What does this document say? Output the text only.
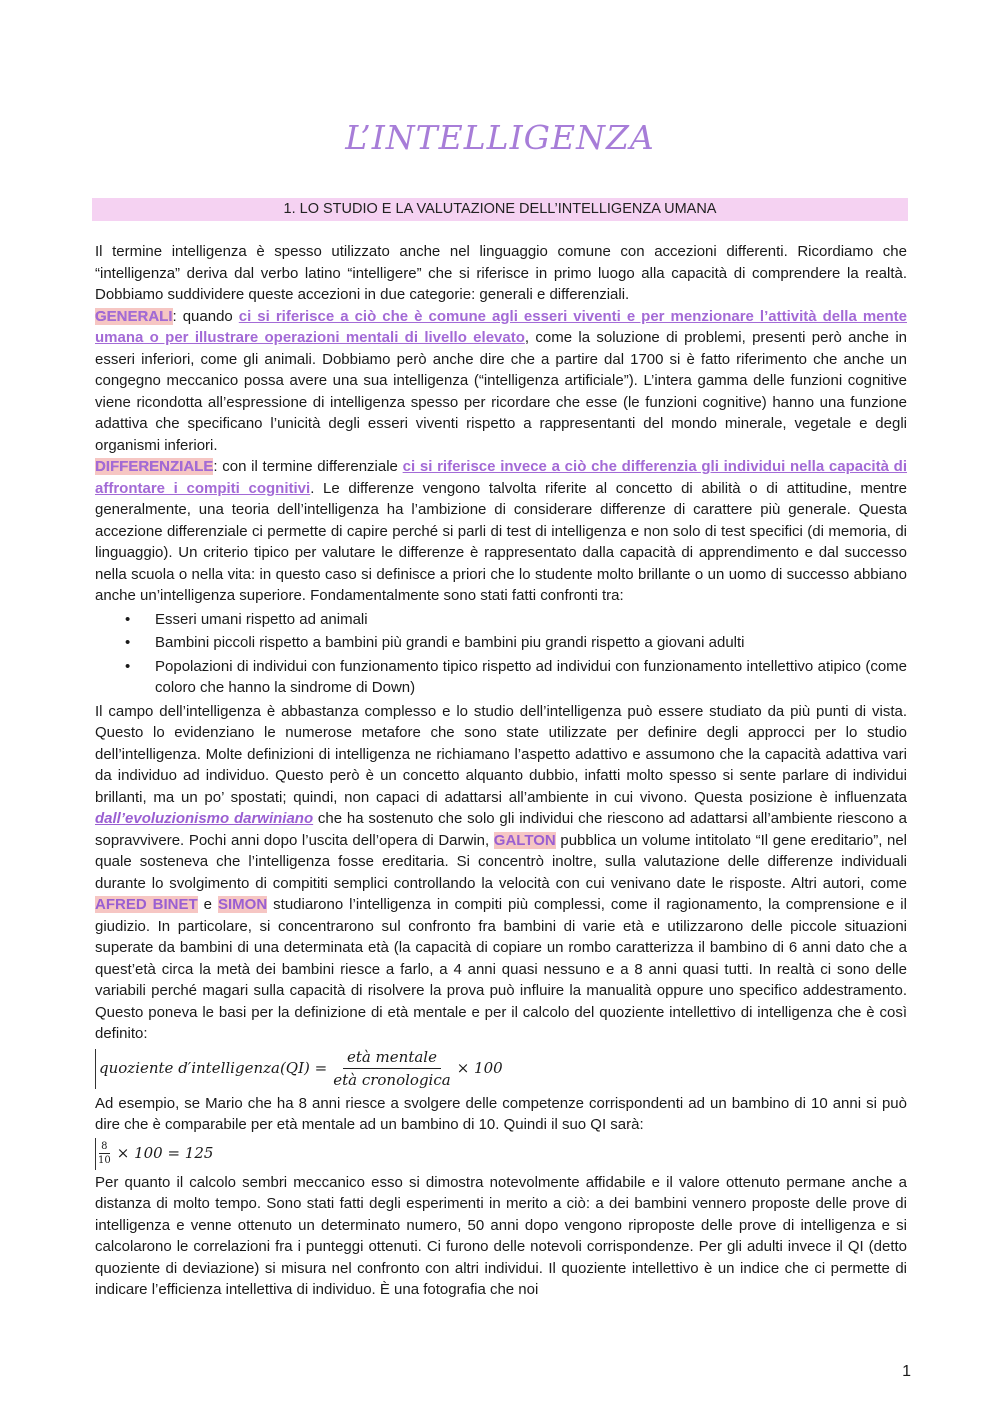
L’INTELLIGENZA
1. LO STUDIO E LA VALUTAZIONE DELL’INTELLIGENZA UMANA

Il termine intelligenza è spesso utilizzato anche nel linguaggio comune con accezioni differenti. Ricordiamo che “intelligenza” deriva dal verbo latino “intelligere” che si riferisce in primo luogo alla capacità di comprendere la realtà. Dobbiamo suddividere queste accezioni in due categorie: generali e differenziali.

GENERALI: quando ci si riferisce a ciò che è comune agli esseri viventi e per menzionare l’attività della mente umana o per illustrare operazioni mentali di livello elevato, come la soluzione di problemi, presenti però anche in esseri inferiori, come gli animali. Dobbiamo però anche dire che a partire dal 1700 si è fatto riferimento che anche un congegno meccanico possa avere una sua intelligenza (“intelligenza artificiale”). L’intera gamma delle funzioni cognitive viene ricondotta all’espressione di intelligenza spesso per ricordare che esse (le funzioni cognitive) hanno una funzione adattiva che specificano l’unicità degli esseri viventi rispetto a rappresentanti del mondo minerale, vegetale e degli organismi inferiori.

DIFFERENZIALE: con il termine differenziale ci si riferisce invece a ciò che differenzia gli individui nella capacità di affrontare i compiti cognitivi. Le differenze vengono talvolta riferite al concetto di abilità o di attitudine, mentre generalmente, una teoria dell’intelligenza ha l’ambizione di considerare differenze di carattere più generale. Questa accezione differenziale ci permette di capire perché si parli di test di intelligenza e non solo di test specifici (di memoria, di linguaggio). Un criterio tipico per valutare le differenze è rappresentato dalla capacità di apprendimento e dal successo nella scuola o nella vita: in questo caso si definisce a priori che lo studente molto brillante o un uomo di successo abbiano anche un’intelligenza superiore. Fondamentalmente sono stati fatti confronti tra:

• Esseri umani rispetto ad animali
• Bambini piccoli rispetto a bambini più grandi e bambini piu grandi rispetto a giovani adulti
• Popolazioni di individui con funzionamento tipico rispetto ad individui con funzionamento intellettivo atipico (come coloro che hanno la sindrome di Down)

Il campo dell’intelligenza è abbastanza complesso e lo studio dell’intelligenza può essere studiato da più punti di vista. Questo lo evidenziano le numerose metafore che sono state utilizzate per definire degli approcci per lo studio dell’intelligenza. Molte definizioni di intelligenza ne richiamano l’aspetto adattivo e assumono che la capacità adattiva vari da individuo ad individuo. Questo però è un concetto alquanto dubbio, infatti molto spesso si sente parlare di individui brillanti, ma un po’ spostati; quindi, non capaci di adattarsi all’ambiente in cui vivono. Questa posizione è influenzata dall’evoluzionismo darwiniano che ha sostenuto che solo gli individui che riescono ad adattarsi all’ambiente riescono a sopravvivere. Pochi anni dopo l’uscita dell’opera di Darwin, GALTON pubblica un volume intitolato “Il gene ereditario”, nel quale sosteneva che l’intelligenza fosse ereditaria. Si concentrò inoltre, sulla valutazione delle differenze individuali durante lo svolgimento di compititi semplici controllando la velocità con cui venivano date le risposte. Altri autori, come AFRED BINET e SIMON studiarono l’intelligenza in compiti più complessi, come il ragionamento, la comprensione e il giudizio. In particolare, si concentrarono sul confronto fra bambini di varie età e utilizzarono delle piccole situazioni superate da bambini di una determinata età (la capacità di copiare un rombo caratterizza il bambino di 6 anni dato che a quest’età circa la metà dei bambini riesce a farlo, a 4 anni quasi nessuno e a 8 anni quasi tutti. In realtà ci sono delle variabili perché magari sulla capacità di risolvere la prova può influire la manualità oppure uno specifico addestramento. Questo poneva le basi per la definizione di età mentale e per il calcolo del quoziente intellettivo di intelligenza che è così definito:

quoziente d′intelligenza(QI) = $\frac{\text{età mentale}}{\text{età cronologica}} \times 100$

Ad esempio, se Mario che ha 8 anni riesce a svolgere delle competenze corrispondenti ad un bambino di 10 anni si può dire che è comparabile per età mentale ad un bambino di 10. Quindi il suo QI sarà:

$\frac{8}{10} \times 100 = 125$

Per quanto il calcolo sembri meccanico esso si dimostra notevolmente affidabile e il valore ottenuto permane anche a distanza di molto tempo. Sono stati fatti degli esperimenti in merito a ciò: a dei bambini vennero proposte delle prove di intelligenza e venne ottenuto un determinato numero, 50 anni dopo vengono riproposte delle prove di intelligenza e si calcolarono le correlazioni fra i punteggi ottenuti. Ci furono delle notevoli corrispondenze. Per gli adulti invece il QI (detto quoziente di deviazione) si misura nel confronto con altri individui. Il quoziente intellettivo è un indice che ci permette di indicare l’efficienza intellettiva di individuo. È una fotografia che noi

1
